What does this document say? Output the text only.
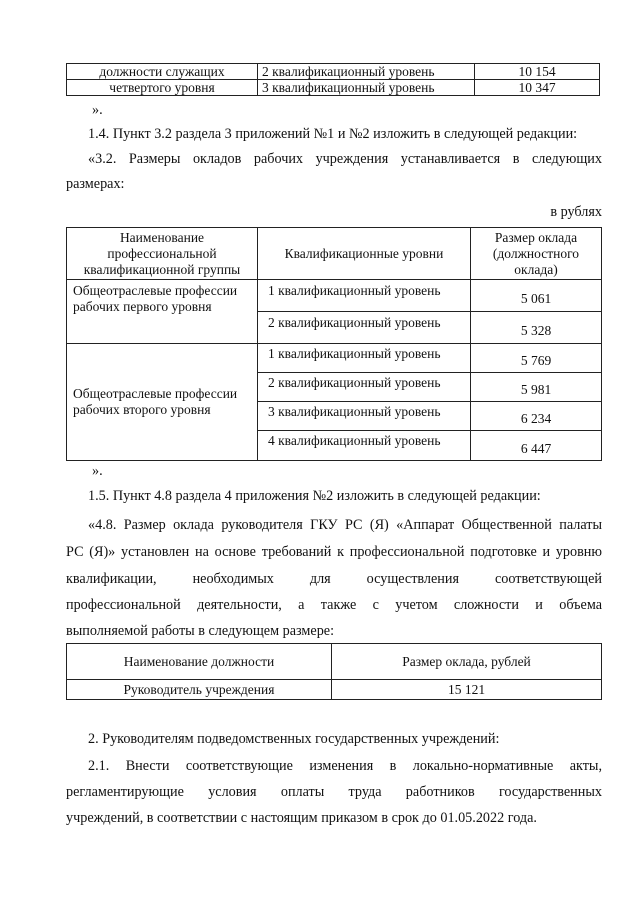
должности служащих	2 квалификационный уровень	10 154
четвертого уровня	3 квалификационный уровень	10 347
».
1.4. Пункт 3.2 раздела 3 приложений №1 и №2 изложить в следующей редакции:
«3.2. Размеры окладов рабочих учреждения устанавливается в следующих
размерах:
в рублях
Наименование профессиональной квалификационной группы	Квалификационные уровни	Размер оклада (должностного оклада)
Общеотраслевые профессии рабочих первого уровня	1 квалификационный уровень	5 061
	2 квалификационный уровень	5 328
Общеотраслевые профессии рабочих второго уровня	1 квалификационный уровень	5 769
	2 квалификационный уровень	5 981
	3 квалификационный уровень	6 234
	4 квалификационный уровень	6 447
».
1.5. Пункт 4.8 раздела 4 приложения №2 изложить в следующей редакции:
«4.8. Размер оклада руководителя ГКУ РС (Я) «Аппарат Общественной палаты
РС (Я)» установлен на основе требований к профессиональной подготовке и уровню
квалификации, необходимых для осуществления соответствующей
профессиональной деятельности, а также с учетом сложности и объема
выполняемой работы в следующем размере:
Наименование должности	Размер оклада, рублей
Руководитель учреждения	15 121
2. Руководителям подведомственных государственных учреждений:
2.1. Внести соответствующие изменения в локально-нормативные акты,
регламентирующие условия оплаты труда работников государственных
учреждений, в соответствии с настоящим приказом в срок до 01.05.2022 года.
